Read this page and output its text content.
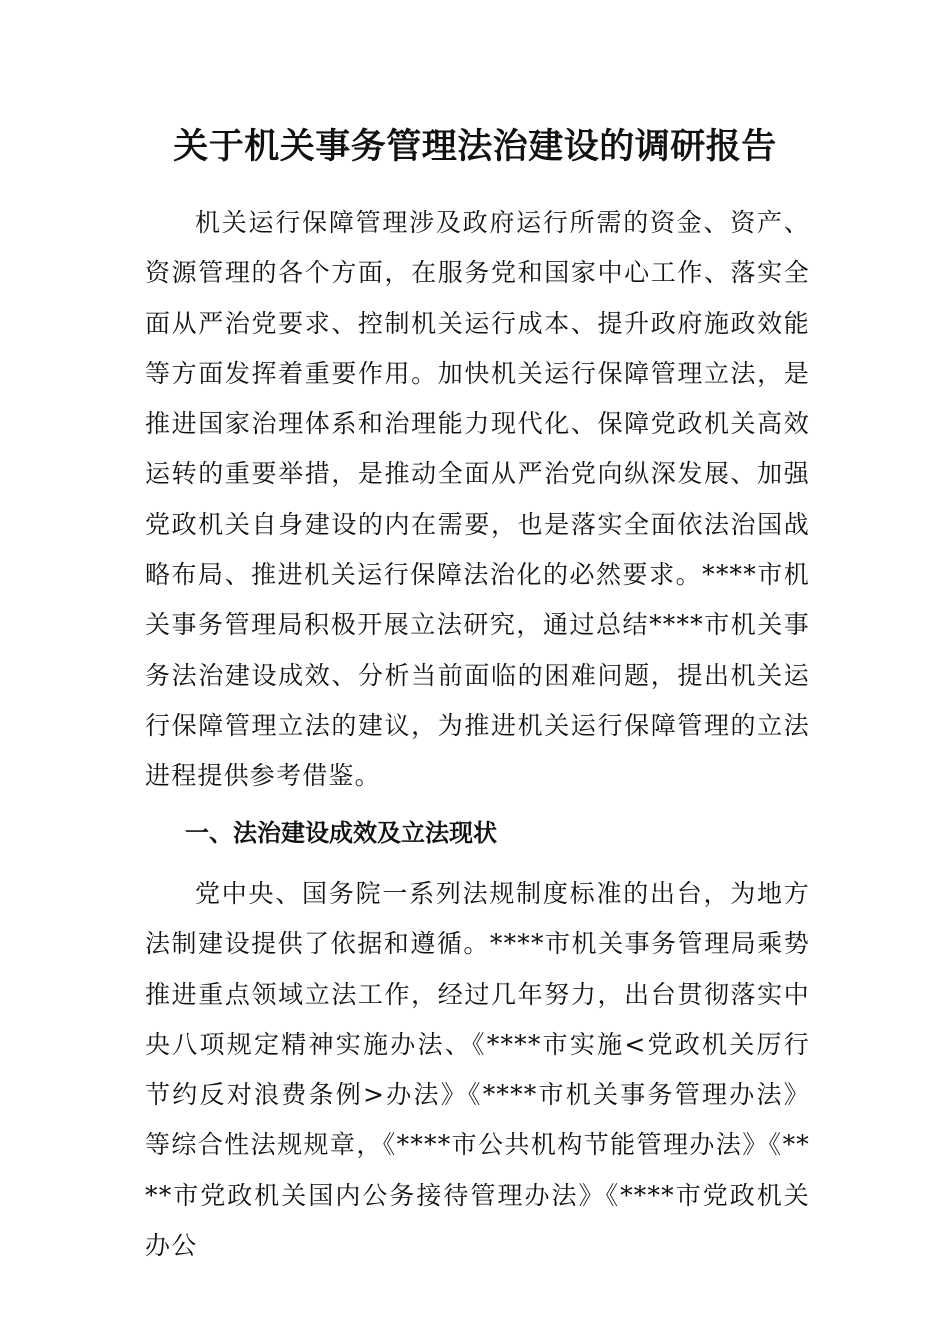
关于机关事务管理法治建设的调研报告

机关运行保障管理涉及政府运行所需的资金、资产、资源管理的各个方面，在服务党和国家中心工作、落实全面从严治党要求、控制机关运行成本、提升政府施政效能等方面发挥着重要作用。加快机关运行保障管理立法，是推进国家治理体系和治理能力现代化、保障党政机关高效运转的重要举措，是推动全面从严治党向纵深发展、加强党政机关自身建设的内在需要，也是落实全面依法治国战略布局、推进机关运行保障法治化的必然要求。****市机关事务管理局积极开展立法研究，通过总结****市机关事务法治建设成效、分析当前面临的困难问题，提出机关运行保障管理立法的建议，为推进机关运行保障管理的立法进程提供参考借鉴。

一、法治建设成效及立法现状

党中央、国务院一系列法规制度标准的出台，为地方法制建设提供了依据和遵循。****市机关事务管理局乘势推进重点领域立法工作，经过几年努力，出台贯彻落实中央八项规定精神实施办法、《****市实施<党政机关厉行节约反对浪费条例>办法》《****市机关事务管理办法》等综合性法规规章，《****市公共机构节能管理办法》《****市党政机关国内公务接待管理办法》《****市党政机关办公
